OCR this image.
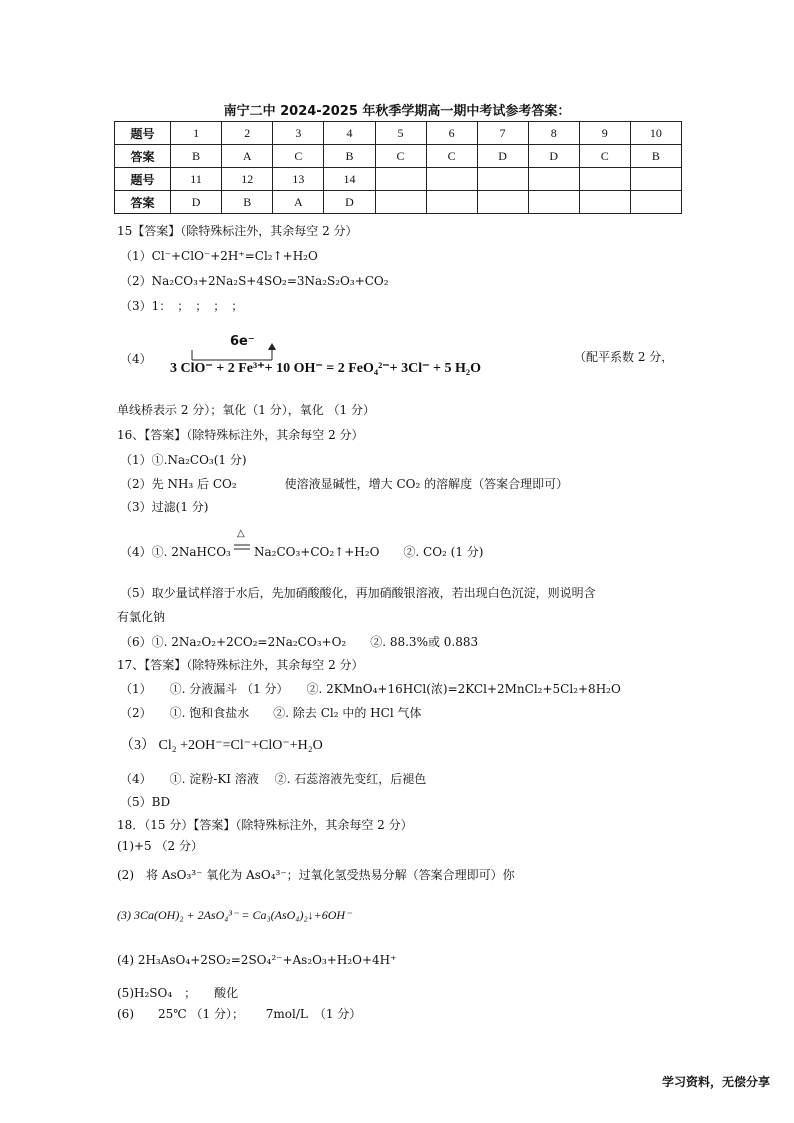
南宁二中 2024-2025 年秋季学期高一期中考试参考答案：
题号	1	2	3	4	5	6	7	8	9	10
答案	B	A	C	B	C	C	D	D	C	B
题号	11	12	13	14						
答案	D	B	A	D						
15【答案】（除特殊标注外，其余每空 2 分）
（1）Cl⁻+ClO⁻+2H⁺=Cl₂↑+H₂O
（2）Na₂CO₃+2Na₂S+4SO₂=3Na₂S₂O₃+CO₂
（3）1：　；　；　；　；
（4）
6e⁻
3 ClO⁻ + 2 Fe³⁺+ 10 OH⁻ = 2 FeO₄²⁻+ 3Cl⁻ + 5 H₂O
（配平系数 2 分，
单线桥表示 2 分）；氧化（1 分），氧化 （1 分）
16、【答案】（除特殊标注外，其余每空 2 分）
（1）①.Na₂CO₃(1 分)
（2）先 NH₃ 后 CO₂　　　　使溶液显碱性，增大 CO₂ 的溶解度（答案合理即可）
（3）过滤(1 分)
（4）①. 2NaHCO₃
△
Na₂CO₃+CO₂↑+H₂O　　②. CO₂ (1 分)
（5）取少量试样溶于水后，先加硝酸酸化，再加硝酸银溶液，若出现白色沉淀，则说明含
有氯化钠
（6）①. 2Na₂O₂+2CO₂=2Na₂CO₃+O₂　　②. 88.3%或 0.883
17、【答案】（除特殊标注外，其余每空 2 分）
（1）　　①. 分液漏斗 （1 分）　　②. 2KMnO₄+16HCl(浓)=2KCl+2MnCl₂+5Cl₂+8H₂O
（2）　　①. 饱和食盐水　　②. 除去 Cl₂ 中的 HCl 气体
（3） Cl₂ +2OH⁻=Cl⁻+ClO⁻+H₂O
（4）　　①. 淀粉-KI 溶液　 ②. 石蕊溶液先变红，后褪色
（5）BD
18．（15 分）【答案】（除特殊标注外，其余每空 2 分）
(1)+5 （2 分）
(2)　将 AsO₃³⁻ 氧化为 AsO₄³⁻；过氧化氢受热易分解（答案合理即可）你
(3) 3Ca(OH)₂ + 2AsO₄³⁻ = Ca₃(AsO₄)₂↓+6OH⁻
(4) 2H₃AsO₄+2SO₂=2SO₄²⁻+As₂O₃+H₂O+4H⁺
(5)H₂SO₄　；　　酸化
(6)　　25℃ （1 分）；　　 7mol/L　（1 分）
学习资料，无偿分享
